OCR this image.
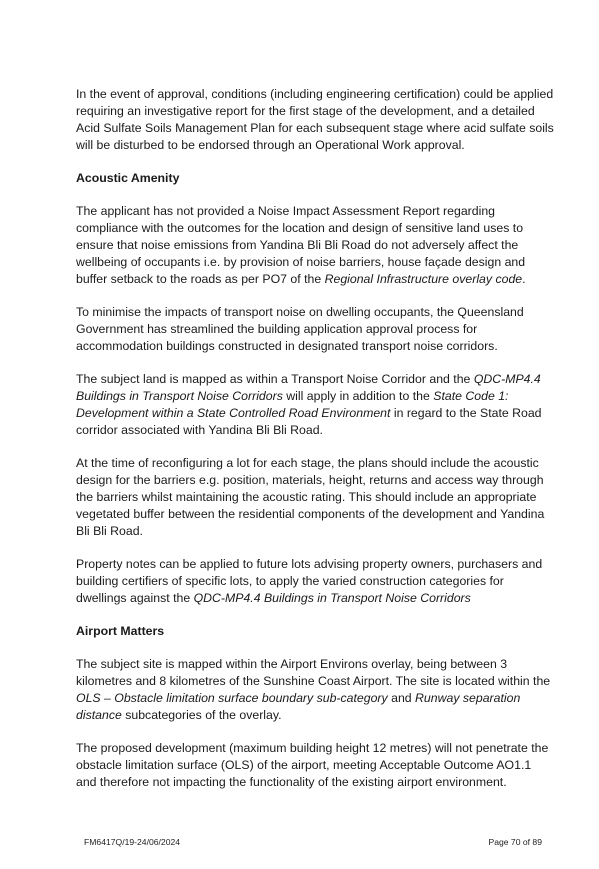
In the event of approval, conditions (including engineering certification) could be applied requiring an investigative report for the first stage of the development, and a detailed Acid Sulfate Soils Management Plan for each subsequent stage where acid sulfate soils will be disturbed to be endorsed through an Operational Work approval.

Acoustic Amenity

The applicant has not provided a Noise Impact Assessment Report regarding compliance with the outcomes for the location and design of sensitive land uses to ensure that noise emissions from Yandina Bli Bli Road do not adversely affect the wellbeing of occupants i.e. by provision of noise barriers, house façade design and buffer setback to the roads as per PO7 of the Regional Infrastructure overlay code.

To minimise the impacts of transport noise on dwelling occupants, the Queensland Government has streamlined the building application approval process for accommodation buildings constructed in designated transport noise corridors.

The subject land is mapped as within a Transport Noise Corridor and the QDC-MP4.4 Buildings in Transport Noise Corridors will apply in addition to the State Code 1: Development within a State Controlled Road Environment in regard to the State Road corridor associated with Yandina Bli Bli Road.

At the time of reconfiguring a lot for each stage, the plans should include the acoustic design for the barriers e.g. position, materials, height, returns and access way through the barriers whilst maintaining the acoustic rating. This should include an appropriate vegetated buffer between the residential components of the development and Yandina Bli Bli Road.

Property notes can be applied to future lots advising property owners, purchasers and building certifiers of specific lots, to apply the varied construction categories for dwellings against the QDC-MP4.4 Buildings in Transport Noise Corridors

Airport Matters

The subject site is mapped within the Airport Environs overlay, being between 3 kilometres and 8 kilometres of the Sunshine Coast Airport. The site is located within the OLS – Obstacle limitation surface boundary sub-category and Runway separation distance subcategories of the overlay.

The proposed development (maximum building height 12 metres) will not penetrate the obstacle limitation surface (OLS) of the airport, meeting Acceptable Outcome AO1.1 and therefore not impacting the functionality of the existing airport environment.

FM6417Q/19-24/06/2024	Page 70 of 89
